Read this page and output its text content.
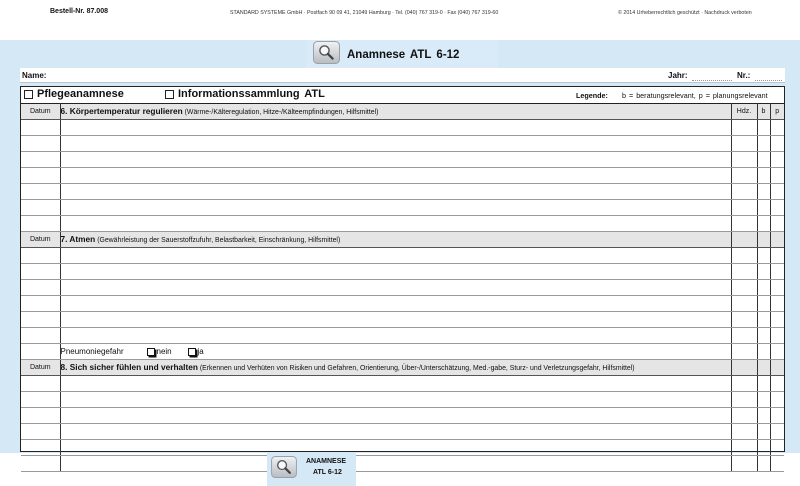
Bestell-Nr. 87.008	STANDARD SYSTEME GmbH · Postfach 90 09 41, 21049 Hamburg · Tel. (040) 767 319-0 · Fax (040) 767 319-60	© 2014 Urheberrechtlich geschützt · Nachdruck verboten
Anamnese ATL 6-12
Name:	Jahr:	Nr.:
Pflegeanamnese	Informationssammlung ATL	Legende: b = beratungsrelevant, p = planungsrelevant
Datum	6. Körpertemperatur regulieren (Wärme-/Kälteregulation, Hitze-/Kälteempfindungen, Hilfsmittel)	Hdz.	b	p

Datum	7. Atmen (Gewährleistung der Sauerstoffzufuhr, Belastbarkeit, Einschränkung, Hilfsmittel)			

	Pneumoniegefahr nein ja			

Datum	8. Sich sicher fühlen und verhalten (Erkennen und Verhüten von Risiken und Gefahren, Orientierung, Über-/Unterschätzung, Med.-gabe, Sturz- und Verletzungsgefahr, Hilfsmittel)			

ANAMNESE
ATL 6-12
